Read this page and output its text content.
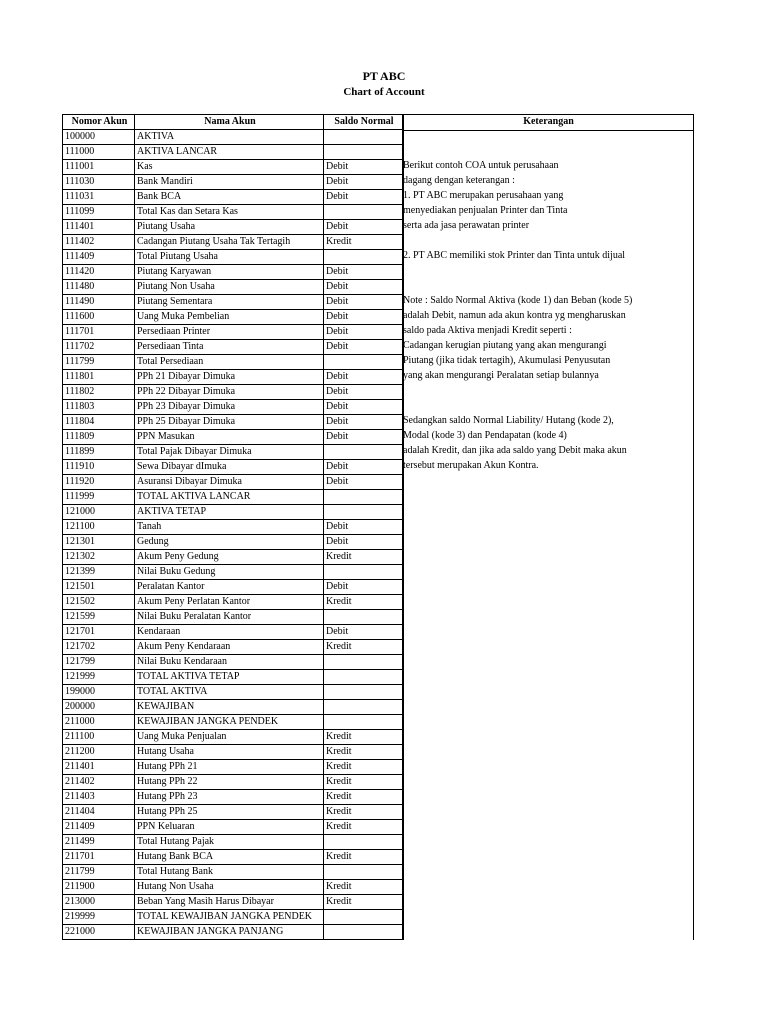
PT ABC
Chart of Account
Nomor Akun	Nama Akun	Saldo Normal
100000	AKTIVA	
111000	AKTIVA LANCAR	
111001	Kas	Debit
111030	Bank Mandiri	Debit
111031	Bank BCA	Debit
111099	Total Kas dan Setara Kas	
111401	Piutang Usaha	Debit
111402	Cadangan Piutang Usaha Tak Tertagih	Kredit
111409	Total Piutang Usaha	
111420	Piutang Karyawan	Debit
111480	Piutang Non Usaha	Debit
111490	Piutang Sementara	Debit
111600	Uang Muka Pembelian	Debit
111701	Persediaan Printer	Debit
111702	Persediaan Tinta	Debit
111799	Total Persediaan	
111801	PPh 21 Dibayar Dimuka	Debit
111802	PPh 22 Dibayar Dimuka	Debit
111803	PPh 23 Dibayar Dimuka	Debit
111804	PPh 25 Dibayar Dimuka	Debit
111809	PPN Masukan	Debit
111899	Total Pajak Dibayar Dimuka	
111910	Sewa Dibayar dImuka	Debit
111920	Asuransi Dibayar Dimuka	Debit
111999	TOTAL AKTIVA LANCAR	
121000	AKTIVA TETAP	
121100	Tanah	Debit
121301	Gedung	Debit
121302	Akum Peny Gedung	Kredit
121399	Nilai Buku Gedung	
121501	Peralatan Kantor	Debit
121502	Akum Peny Perlatan Kantor	Kredit
121599	Nilai Buku Peralatan Kantor	
121701	Kendaraan	Debit
121702	Akum Peny Kendaraan	Kredit
121799	Nilai Buku Kendaraan	
121999	TOTAL AKTIVA TETAP	
199000	TOTAL AKTIVA	
200000	KEWAJIBAN	
211000	KEWAJIBAN JANGKA PENDEK	
211100	Uang Muka Penjualan	Kredit
211200	Hutang Usaha	Kredit
211401	Hutang PPh 21	Kredit
211402	Hutang PPh 22	Kredit
211403	Hutang PPh 23	Kredit
211404	Hutang PPh 25	Kredit
211409	PPN Keluaran	Kredit
211499	Total Hutang Pajak	
211701	Hutang Bank BCA	Kredit
211799	Total Hutang Bank	
211900	Hutang Non Usaha	Kredit
213000	Beban Yang Masih Harus Dibayar	Kredit
219999	TOTAL KEWAJIBAN JANGKA PENDEK	
221000	KEWAJIBAN JANGKA PANJANG	
Keterangan
Berikut contoh COA untuk perusahaan
dagang dengan keterangan :
1. PT ABC merupakan perusahaan yang
menyediakan penjualan Printer dan Tinta
serta ada jasa perawatan printer
2. PT ABC memiliki stok Printer dan Tinta untuk dijual
Note : Saldo Normal Aktiva (kode 1) dan Beban (kode 5)
adalah Debit, namun ada akun kontra yg mengharuskan
saldo pada Aktiva menjadi Kredit seperti :
Cadangan kerugian piutang yang akan mengurangi
Piutang (jika tidak tertagih), Akumulasi Penyusutan
yang akan mengurangi Peralatan setiap bulannya
Sedangkan saldo Normal Liability/ Hutang (kode 2),
Modal (kode 3) dan Pendapatan (kode 4)
adalah Kredit, dan jika ada saldo yang Debit maka akun
tersebut merupakan Akun Kontra.
